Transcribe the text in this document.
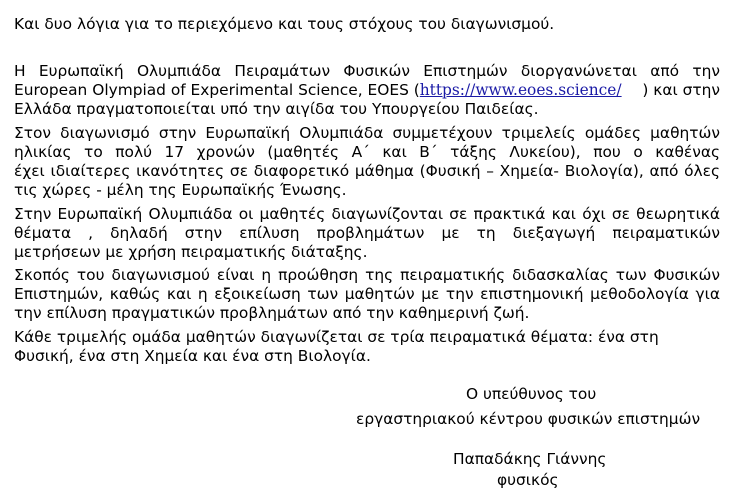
Και δυο λόγια για το περιεχόμενο και τους στόχους του διαγωνισμού.
Η Ευρωπαϊκή Ολυμπιάδα Πειραμάτων Φυσικών Επιστημών διοργανώνεται από την
European Olympiad of Experimental Science, EOES ( https://www.eoes.science/ ) και στην
Ελλάδα πραγματοποιείται υπό την αιγίδα του Υπουργείου Παιδείας.
Στον διαγωνισμό στην Ευρωπαϊκή Ολυμπιάδα συμμετέχουν τριμελείς ομάδες μαθητών
ηλικίας το πολύ 17 χρονών (μαθητές Α΄ και Β΄ τάξης Λυκείου), που ο καθένας
έχει ιδιαίτερες ικανότητες σε διαφορετικό μάθημα (Φυσική – Χημεία- Βιολογία), από όλες
τις χώρες - μέλη της Ευρωπαϊκής Ένωσης.
Στην Ευρωπαϊκή Ολυμπιάδα οι μαθητές διαγωνίζονται σε πρακτικά και όχι σε θεωρητικά
θέματα , δηλαδή στην επίλυση προβλημάτων με τη διεξαγωγή πειραματικών
μετρήσεων με χρήση πειραματικής διάταξης.
Σκοπός του διαγωνισμού είναι η προώθηση της πειραματικής διδασκαλίας των Φυσικών
Επιστημών, καθώς και η εξοικείωση των μαθητών με την επιστημονική μεθοδολογία για
την επίλυση πραγματικών προβλημάτων από την καθημερινή ζωή.
Κάθε τριμελής ομάδα μαθητών διαγωνίζεται σε τρία πειραματικά θέματα: ένα στη
Φυσική, ένα στη Χημεία και ένα στη Βιολογία.
Ο υπεύθυνος του
εργαστηριακού κέντρου φυσικών επιστημών
Παπαδάκης Γιάννης
φυσικός
